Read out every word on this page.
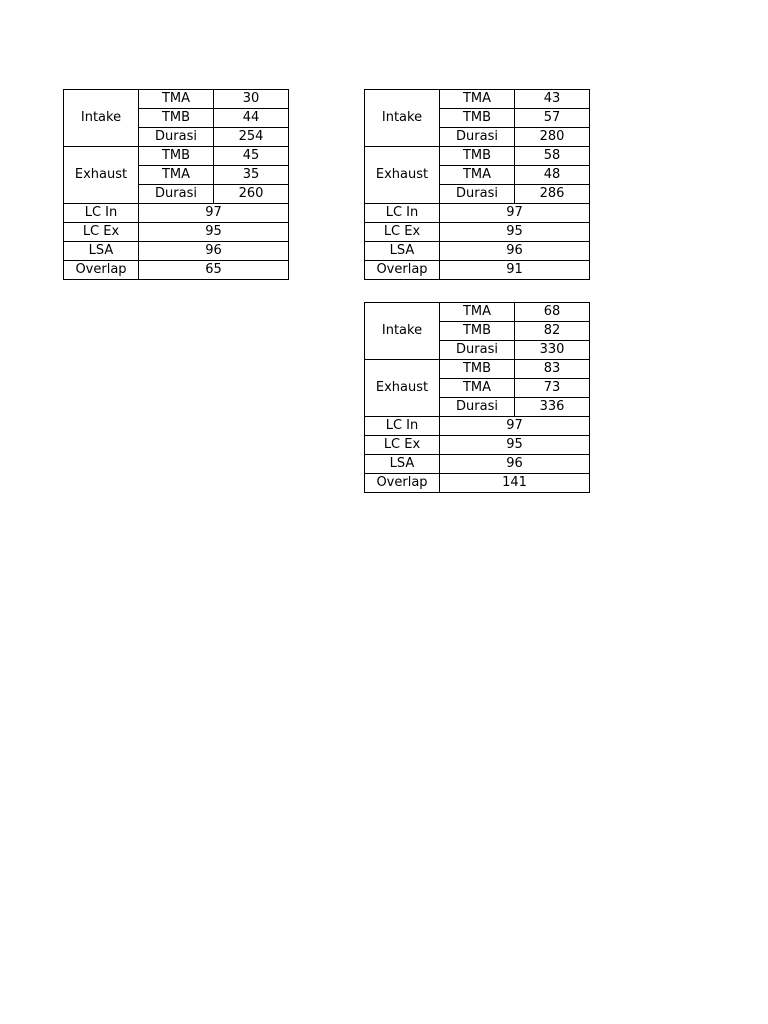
Intake	TMA	30
	TMB	44
	Durasi	254
Exhaust	TMB	45
	TMA	35
	Durasi	260
LC In	97	
LC Ex	95	
LSA	96	
Overlap	65	
Intake	TMA	43
	TMB	57
	Durasi	280
Exhaust	TMB	58
	TMA	48
	Durasi	286
LC In	97	
LC Ex	95	
LSA	96	
Overlap	91	
Intake	TMA	68
	TMB	82
	Durasi	330
Exhaust	TMB	83
	TMA	73
	Durasi	336
LC In	97	
LC Ex	95	
LSA	96	
Overlap	141	
